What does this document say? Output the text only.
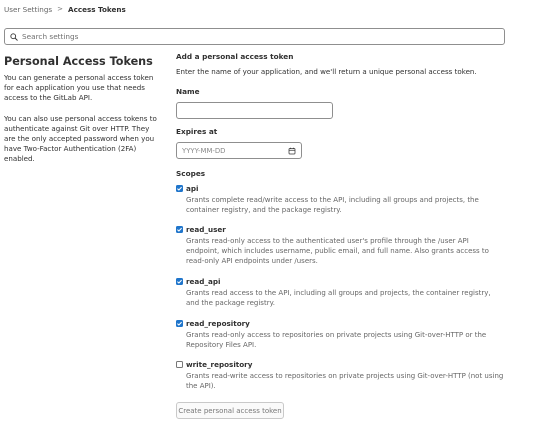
User Settings > Access Tokens
Search settings
Personal Access Tokens

You can generate a personal access token for each application you use that needs access to the GitLab API.

You can also use personal access tokens to authenticate against Git over HTTP. They are the only accepted password when you have Two-Factor Authentication (2FA) enabled.

Add a personal access token
Enter the name of your application, and we'll return a unique personal access token.
Name
Expires at
YYYY-MM-DD
Scopes
api
Grants complete read/write access to the API, including all groups and projects, the container registry, and the package registry.
read_user
Grants read-only access to the authenticated user's profile through the /user API endpoint, which includes username, public email, and full name. Also grants access to read-only API endpoints under /users.
read_api
Grants read access to the API, including all groups and projects, the container registry, and the package registry.
read_repository
Grants read-only access to repositories on private projects using Git-over-HTTP or the Repository Files API.
write_repository
Grants read-write access to repositories on private projects using Git-over-HTTP (not using the API).
Create personal access token
